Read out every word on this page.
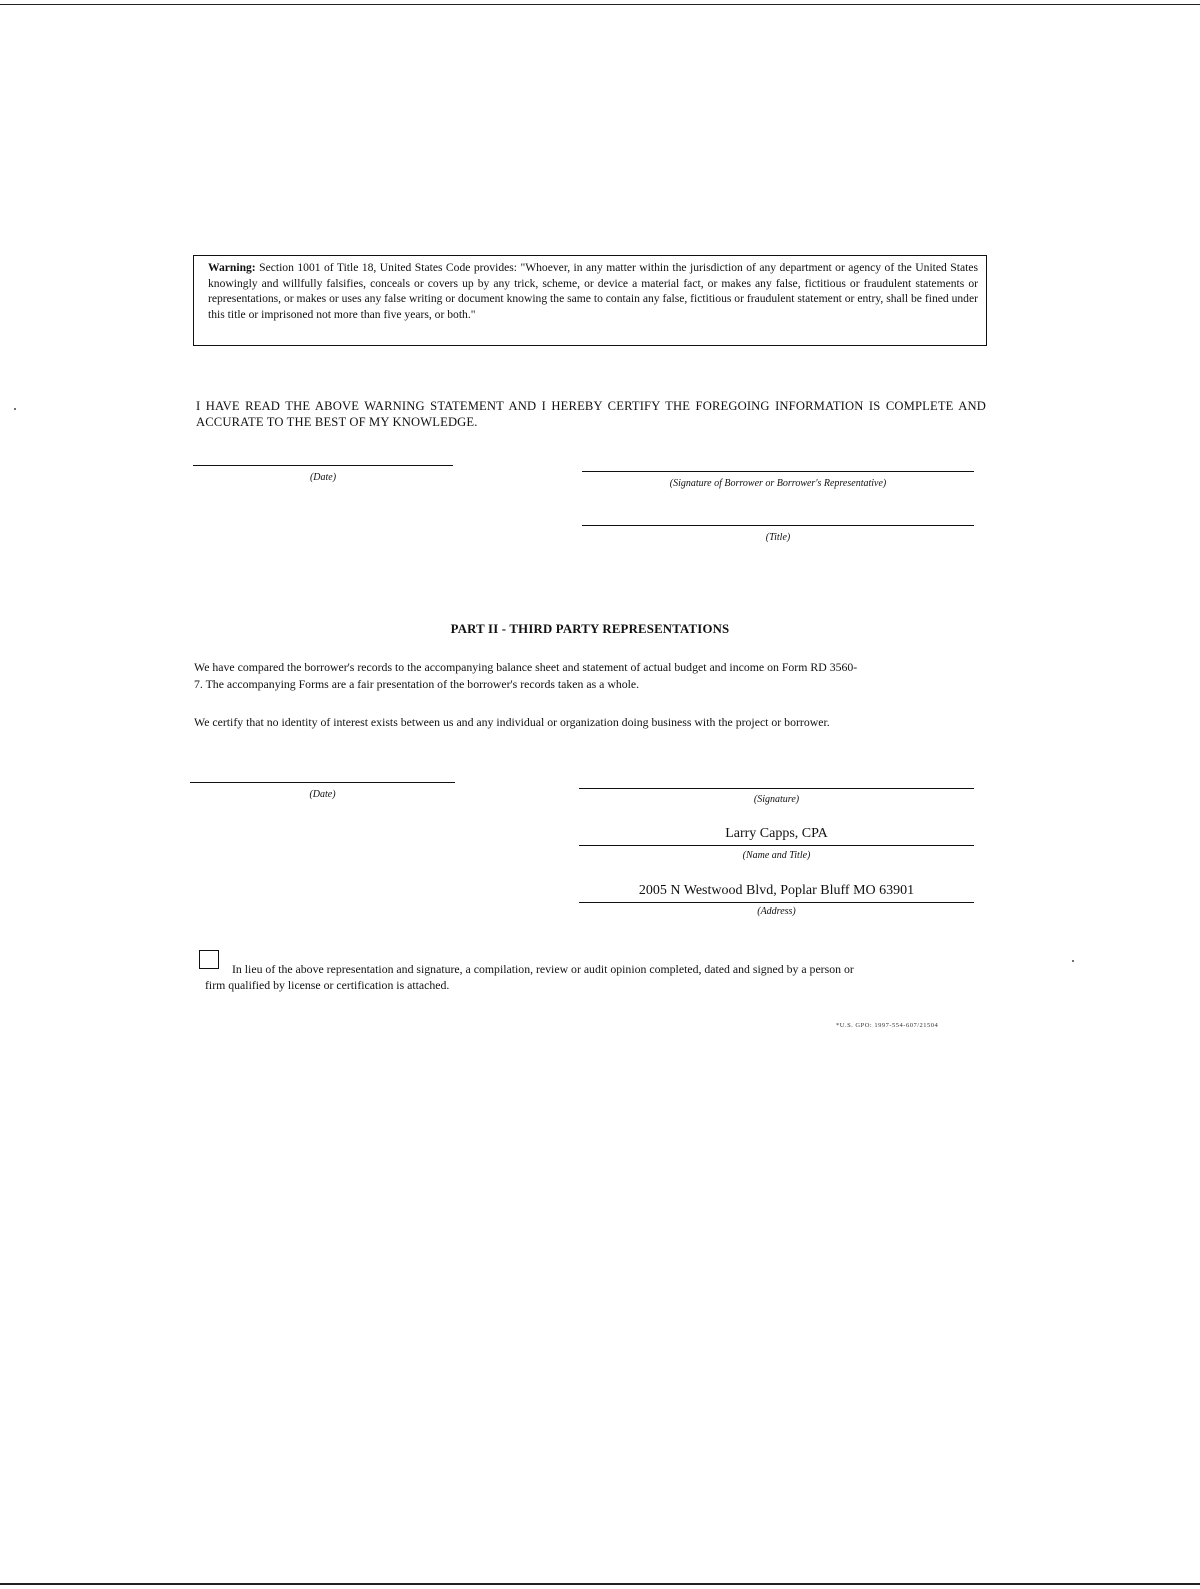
Warning: Section 1001 of Title 18, United States Code provides: "Whoever, in any matter within the jurisdiction of any department or agency of the United States knowingly and willfully falsifies, conceals or covers up by any trick, scheme, or device a material fact, or makes any false, fictitious or fraudulent statements or representations, or makes or uses any false writing or document knowing the same to contain any false, fictitious or fraudulent statement or entry, shall be fined under this title or imprisoned not more than five years, or both."
I HAVE READ THE ABOVE WARNING STATEMENT AND I HEREBY CERTIFY THE FOREGOING INFORMATION IS COMPLETE AND ACCURATE TO THE BEST OF MY KNOWLEDGE.
(Date)
(Signature of Borrower or Borrower's Representative)
(Title)
PART II - THIRD PARTY REPRESENTATIONS
We have compared the borrower's records to the accompanying balance sheet and statement of actual budget and income on Form RD 3560-
7. The accompanying Forms are a fair presentation of the borrower's records taken as a whole.
We certify that no identity of interest exists between us and any individual or organization doing business with the project or borrower.
(Date)	(Signature)
Larry Capps, CPA
(Name and Title)
2005 N Westwood Blvd, Poplar Bluff MO 63901
(Address)
In lieu of the above representation and signature, a compilation, review or audit opinion completed, dated and signed by a person or
firm qualified by license or certification is attached.
*U.S. GPO: 1997-554-607/21504
